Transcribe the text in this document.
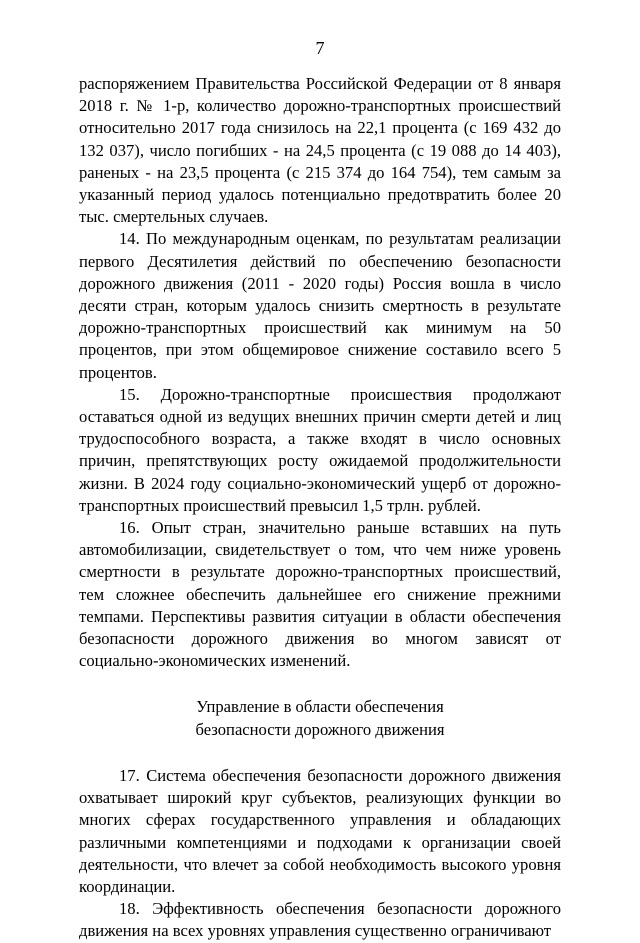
7

распоряжением Правительства Российской Федерации от 8 января 2018 г. № 1-р, количество дорожно-транспортных происшествий относительно 2017 года снизилось на 22,1 процента (с 169 432 до 132 037), число погибших - на 24,5 процента (с 19 088 до 14 403), раненых - на 23,5 процента (с 215 374 до 164 754), тем самым за указанный период удалось потенциально предотвратить более 20 тыс. смертельных случаев.

14. По международным оценкам, по результатам реализации первого Десятилетия действий по обеспечению безопасности дорожного движения (2011 - 2020 годы) Россия вошла в число десяти стран, которым удалось снизить смертность в результате дорожно-транспортных происшествий как минимум на 50 процентов, при этом общемировое снижение составило всего 5 процентов.

15. Дорожно-транспортные происшествия продолжают оставаться одной из ведущих внешних причин смерти детей и лиц трудоспособного возраста, а также входят в число основных причин, препятствующих росту ожидаемой продолжительности жизни. В 2024 году социально-экономический ущерб от дорожно-транспортных происшествий превысил 1,5 трлн. рублей.

16. Опыт стран, значительно раньше вставших на путь автомобилизации, свидетельствует о том, что чем ниже уровень смертности в результате дорожно-транспортных происшествий, тем сложнее обеспечить дальнейшее его снижение прежними темпами. Перспективы развития ситуации в области обеспечения безопасности дорожного движения во многом зависят от социально-экономических изменений.

Управление в области обеспечения
безопасности дорожного движения

17. Система обеспечения безопасности дорожного движения охватывает широкий круг субъектов, реализующих функции во многих сферах государственного управления и обладающих различными компетенциями и подходами к организации своей деятельности, что влечет за собой необходимость высокого уровня координации.

18. Эффективность обеспечения безопасности дорожного движения на всех уровнях управления существенно ограничивают
